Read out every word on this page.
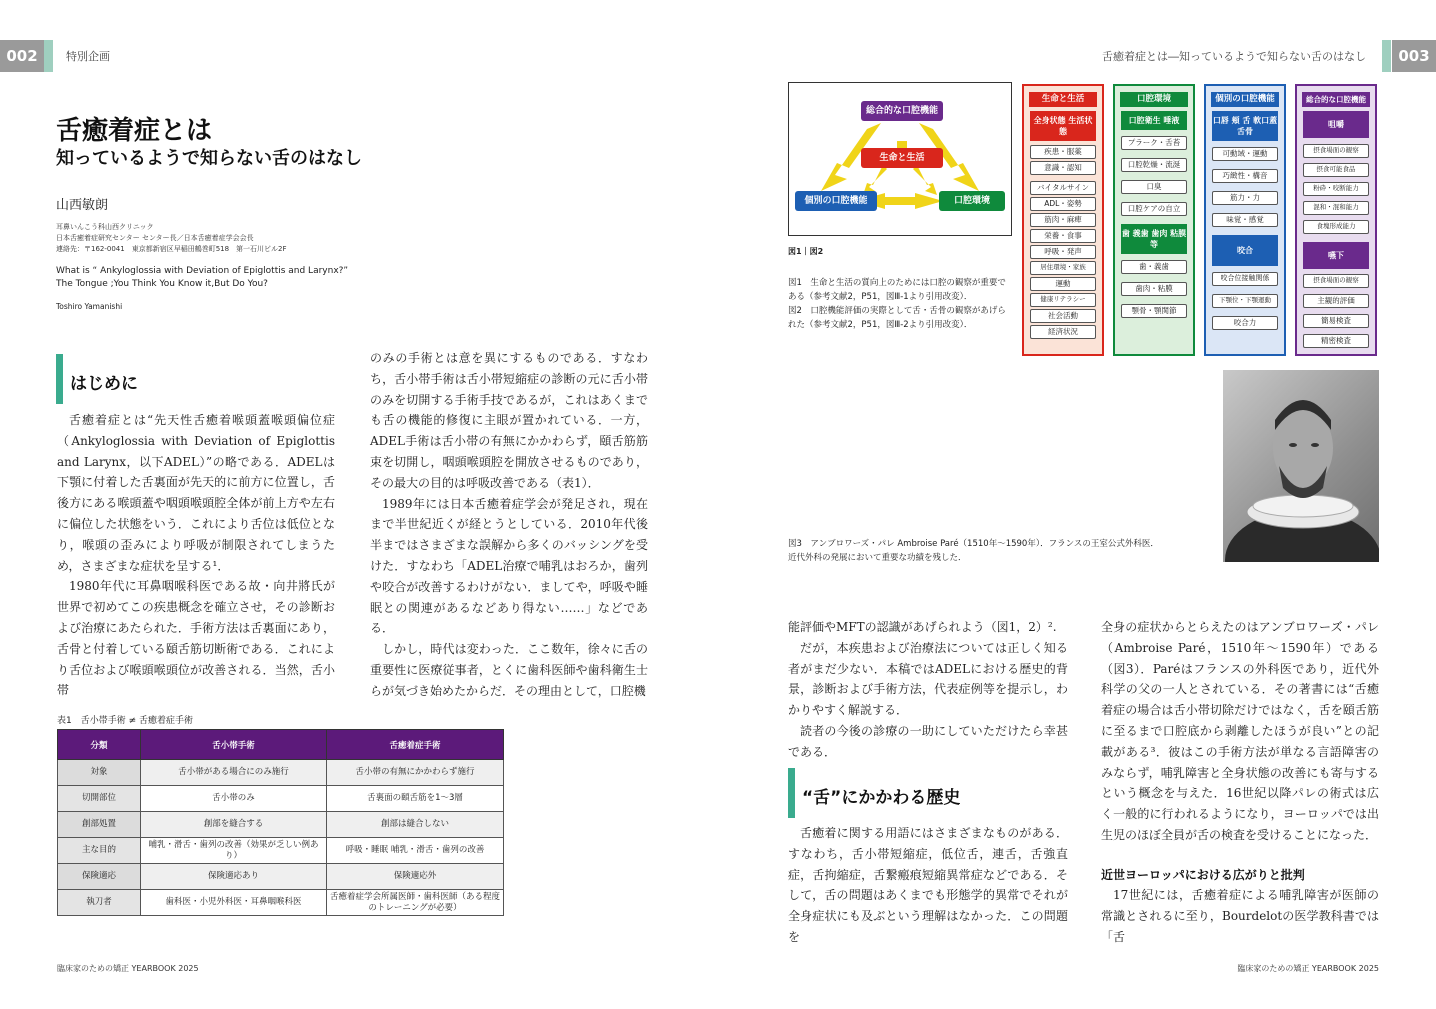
002	特別企画	舌癒着症とは―知っているようで知らない舌のはなし	003
舌癒着症とは
知っているようで知らない舌のはなし
山西敏朗
耳鼻いんこう科山西クリニック
日本舌癒着症研究センター センター長／日本舌癒着症学会会長
連絡先：〒162-0041　東京都新宿区早稲田鶴巻町518　第一石川ビル2F
What is “ Ankyloglossia with Deviation of Epiglottis and Larynx?”
The Tongue ;You Think You Know it,But Do You?
Toshiro Yamanishi
はじめに

舌癒着症とは“先天性舌癒着喉頭蓋喉頭偏位症（Ankyloglossia with Deviation of Epiglottis and Larynx，以下ADEL）”の略である．ADELは下顎に付着した舌裏面が先天的に前方に位置し，舌後方にある喉頭蓋や咽頭喉頭腔全体が前上方や左右に偏位した状態をいう．これにより舌位は低位となり，喉頭の歪みにより呼吸が制限されてしまうため，さまざまな症状を呈する¹．

1980年代に耳鼻咽喉科医である故・向井將氏が世界で初めてこの疾患概念を確立させ，その診断および治療にあたられた．手術方法は舌裏面にあり，舌骨と付着している頤舌筋切断術である．これにより舌位および喉頭喉頭位が改善される．当然，舌小帯

のみの手術とは意を異にするものである．すなわち，舌小帯手術は舌小帯短縮症の診断の元に舌小帯のみを切開する手術手技であるが，これはあくまでも舌の機能的修復に主眼が置かれている．一方，ADEL手術は舌小帯の有無にかかわらず，頤舌筋筋束を切開し，咽頭喉頭腔を開放させるものであり，その最大の目的は呼吸改善である（表1）．

1989年には日本舌癒着症学会が発足され，現在まで半世紀近くが経とうとしている．2010年代後半まではさまざまな誤解から多くのバッシングを受けた．すなわち「ADEL治療で哺乳はおろか，歯列や咬合が改善するわけがない．ましてや，呼吸や睡眠との関連があるなどあり得ない……」などである．

しかし，時代は変わった．ここ数年，徐々に舌の重要性に医療従事者，とくに歯科医師や歯科衛生士らが気づき始めたからだ．その理由として，口腔機

表1　舌小帯手術 ≠ 舌癒着症手術
分類	舌小帯手術	舌癒着症手術
対象	舌小帯がある場合にのみ施行	舌小帯の有無にかかわらず施行
切開部位	舌小帯のみ	舌裏面の頤舌筋を1〜3層
創部処置	創部を縫合する	創部は縫合しない
主な目的	哺乳・滑舌・歯列の改善（効果が乏しい例あり）	呼吸・睡眠 哺乳・滑舌・歯列の改善
保険適応	保険適応あり	保険適応外
執刀者	歯科医・小児外科医・耳鼻咽喉科医	舌癒着症学会所属医師・歯科医師（ある程度のトレーニングが必要）
総合的な口腔機能
生命と生活
個別の口腔機能	口腔環境
図1｜図2
図1　生命と生活の質向上のためには口腔の観察が重要である（参考文献2，P51，図Ⅲ-1より引用改変）．
図2　口腔機能評価の実際として舌・舌骨の観察があげられた（参考文献2，P51，図Ⅲ-2より引用改変）．
生命と生活
全身状態 生活状態
疾患・服薬
意識・認知
バイタルサイン
ADL・姿勢
筋肉・麻痺
栄養・食事
呼吸・発声
居住環境・家族
運動
健康リテラシー
社会活動
経済状況
口腔環境
口腔衛生 唾液
プラーク・舌苔
口腔乾燥・流涎
口臭
口腔ケアの自立
歯 義歯 歯肉 粘膜等
歯・義歯
歯肉・粘膜
顎骨・顎関節
個別の口腔機能
口唇 頬 舌 軟口蓋 舌骨
可動域・運動
巧緻性・構音
筋力・力
味覚・感覚
咬合
咬合位接触関係
下顎位・下顎運動
咬合力
総合的な口腔機能
咀嚼
摂食場面の観察
摂食可能食品
粉砕・咬断能力
混和・混和能力
食塊形成能力
嚥下
摂食場面の観察
主観的評価
簡易検査
精密検査
図3　アンブロワーズ・パレ Ambroise Paré（1510年〜1590年）．フランスの王室公式外科医．
近代外科の発展において重要な功績を残した．

能評価やMFTの認識があげられよう（図1，2）².

だが，本疾患および治療法については正しく知る者がまだ少ない．本稿ではADELにおける歴史的背景，診断および手術方法，代表症例等を提示し，わかりやすく解説する．

読者の今後の診療の一助にしていただけたら幸甚である．

“舌”にかかわる歴史

舌癒着に関する用語にはさまざまなものがある．すなわち，舌小帯短縮症，低位舌，連舌，舌強直症，舌拘縮症，舌繋瘢痕短縮異常症などである．そして，舌の問題はあくまでも形態学的異常でそれが全身症状にも及ぶという理解はなかった．この問題を

全身の症状からとらえたのはアンブロワーズ・パレ（Ambroise Paré，1510年〜1590年）である（図3）．Paréはフランスの外科医であり，近代外科学の父の一人とされている．その著書には“舌癒着症の場合は舌小帯切除だけではなく，舌を頤舌筋に至るまで口腔底から剥離したほうが良い”との記載がある³．彼はこの手術方法が単なる言語障害のみならず，哺乳障害と全身状態の改善にも寄与するという概念を与えた．16世紀以降パレの術式は広く一般的に行われるようになり，ヨーロッパでは出生児のほぼ全員が舌の検査を受けることになった．

近世ヨーロッパにおける広がりと批判

17世紀には，舌癒着症による哺乳障害が医師の常識とされるに至り，Bourdelotの医学教科書では「舌

臨床家のための矯正 YEARBOOK 2025	臨床家のための矯正 YEARBOOK 2025
